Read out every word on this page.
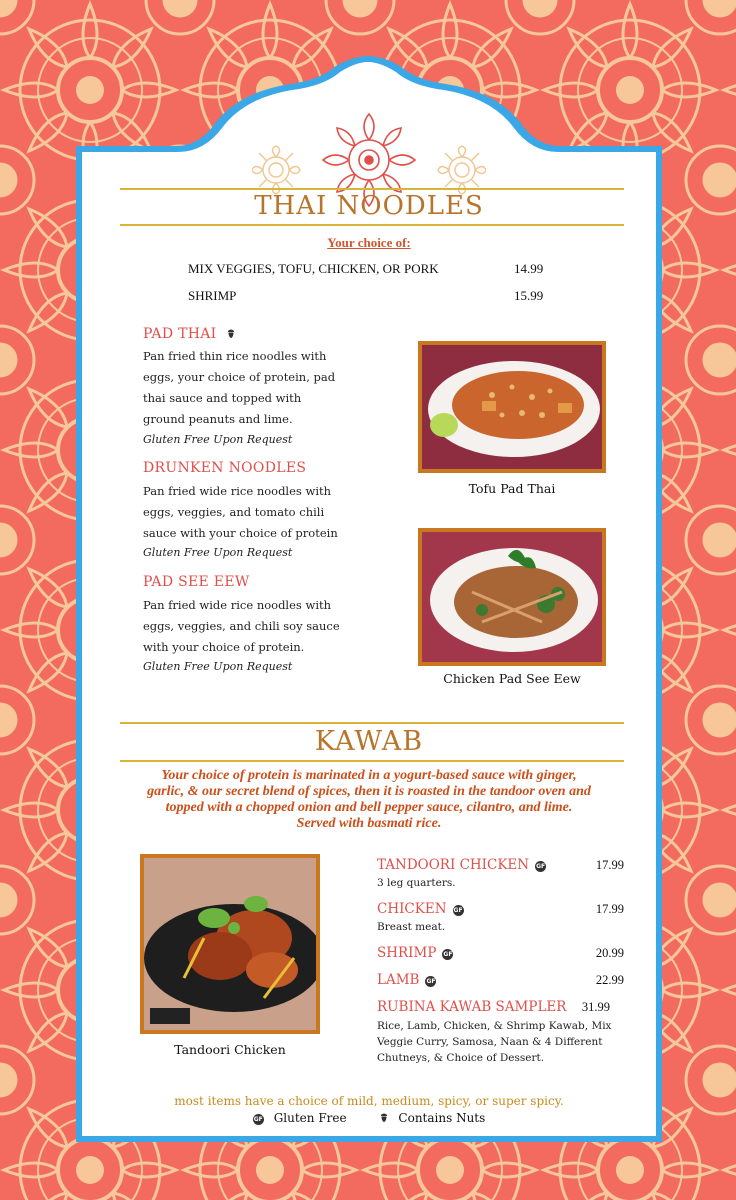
THAI NOODLES
Your choice of:
MIX VEGGIES, TOFU, CHICKEN, OR PORK	14.99
SHRIMP	15.99
PAD THAI
Pan fried thin rice noodles with
eggs, your choice of protein, pad
thai sauce and topped with
ground peanuts and lime.
Gluten Free Upon Request
DRUNKEN NOODLES
Pan fried wide rice noodles with
eggs, veggies, and tomato chili
sauce with your choice of protein
Gluten Free Upon Request
PAD SEE EEW
Pan fried wide rice noodles with
eggs, veggies, and chili soy sauce
with your choice of protein.
Gluten Free Upon Request
Tofu Pad Thai
Chicken Pad See Eew
KAWAB
Your choice of protein is marinated in a yogurt-based sauce with ginger,
garlic, & our secret blend of spices, then it is roasted in the tandoor oven and
topped with a chopped onion and bell pepper sauce, cilantro, and lime.
Served with basmati rice.
Tandoori Chicken
TANDOORI CHICKEN GF	17.99
3 leg quarters.
CHICKEN GF	17.99
Breast meat.
SHRIMP GF	20.99
LAMB GF	22.99
RUBINA KAWAB SAMPLER	31.99
Rice, Lamb, Chicken, & Shrimp Kawab, Mix
Veggie Curry, Samosa, Naan & 4 Different
Chutneys, & Choice of Dessert.
most items have a choice of mild, medium, spicy, or super spicy.
GF Gluten Free	Contains Nuts
